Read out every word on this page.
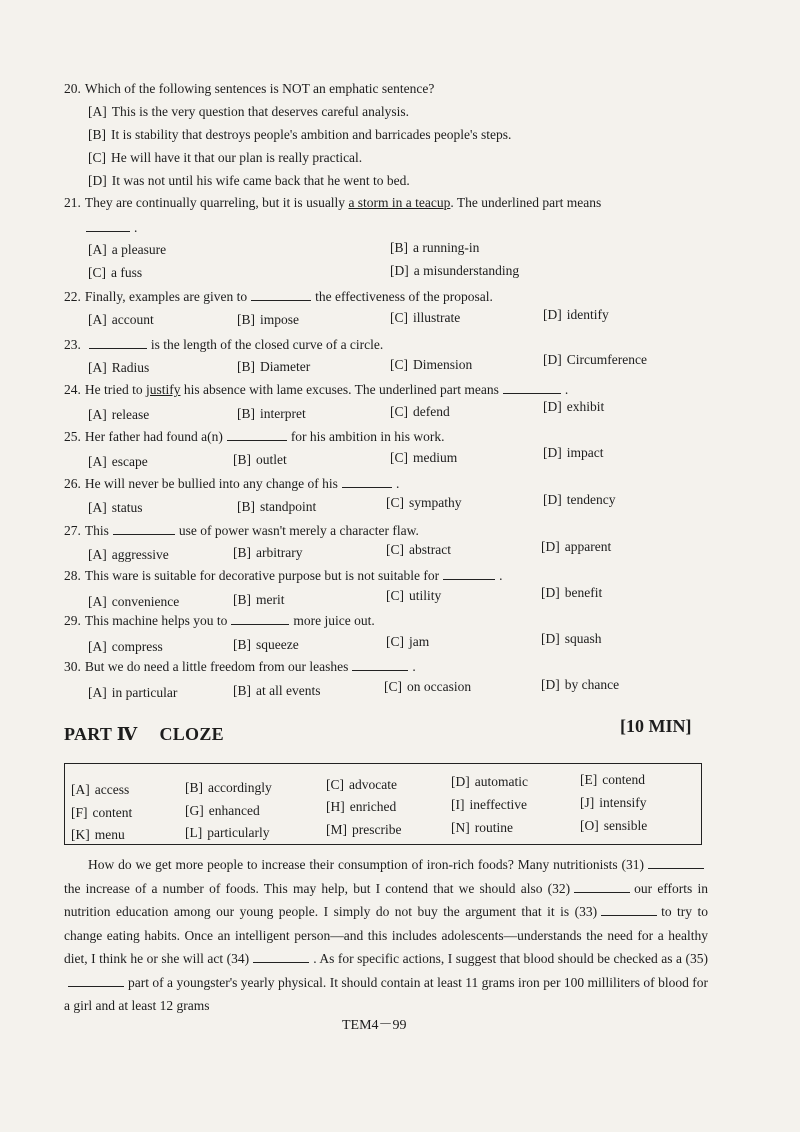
20. Which of the following sentences is NOT an emphatic sentence?
[A] This is the very question that deserves careful analysis.
[B] It is stability that destroys people's ambition and barricades people's steps.
[C] He will have it that our plan is really practical.
[D] It was not until his wife came back that he went to bed.
21. They are continually quarreling, but it is usually a storm in a teacup. The underlined part means
.
[A] a pleasure	[B] a running-in
[C] a fuss	[D] a misunderstanding
22. Finally, examples are given to	the effectiveness of the proposal.
[A] account	[B] impose	[C] illustrate	[D] identify
23.	is the length of the closed curve of a circle.
[A] Radius	[B] Diameter	[C] Dimension	[D] Circumference
24. He tried to justify his absence with lame excuses. The underlined part means	.
[A] release	[B] interpret	[C] defend	[D] exhibit
25. Her father had found a(n)	for his ambition in his work.
[A] escape	[B] outlet	[C] medium	[D] impact
26. He will never be bullied into any change of his	.
[A] status	[B] standpoint	[C] sympathy	[D] tendency
27. This	use of power wasn't merely a character flaw.
[A] aggressive	[B] arbitrary	[C] abstract	[D] apparent
28. This ware is suitable for decorative purpose but is not suitable for	.
[A] convenience	[B] merit	[C] utility	[D] benefit
29. This machine helps you to	more juice out.
[A] compress	[B] squeeze	[C] jam	[D] squash
30. But we do need a little freedom from our leashes	.
[A] in particular	[B] at all events	[C] on occasion	[D] by chance
PART Ⅳ CLOZE	[10 MIN]
[A] access	[B] accordingly	[C] advocate	[D] automatic	[E] contend
[F] content	[G] enhanced	[H] enriched	[I] ineffective	[J] intensify
[K] menu	[L] particularly	[M] prescribe	[N] routine	[O] sensible
How do we get more people to increase their consumption of iron-rich foods? Many nutritionists (31)the increase of a number of foods. This may help, but I contend that we should also (32)	our efforts in nutrition education among our young people. I simply do not buy the argument that it is (33)	to try to change eating habits. Once an intelligent person—and this includes adolescents—understands the need for a healthy diet, I think he or she will act (34)	. As for specific actions, I suggest that blood should be checked as a (35)part of a youngster's yearly physical. It should contain at least 11 grams iron per 100 milliliters of blood for a girl and at least 12 grams
TEM4－99
